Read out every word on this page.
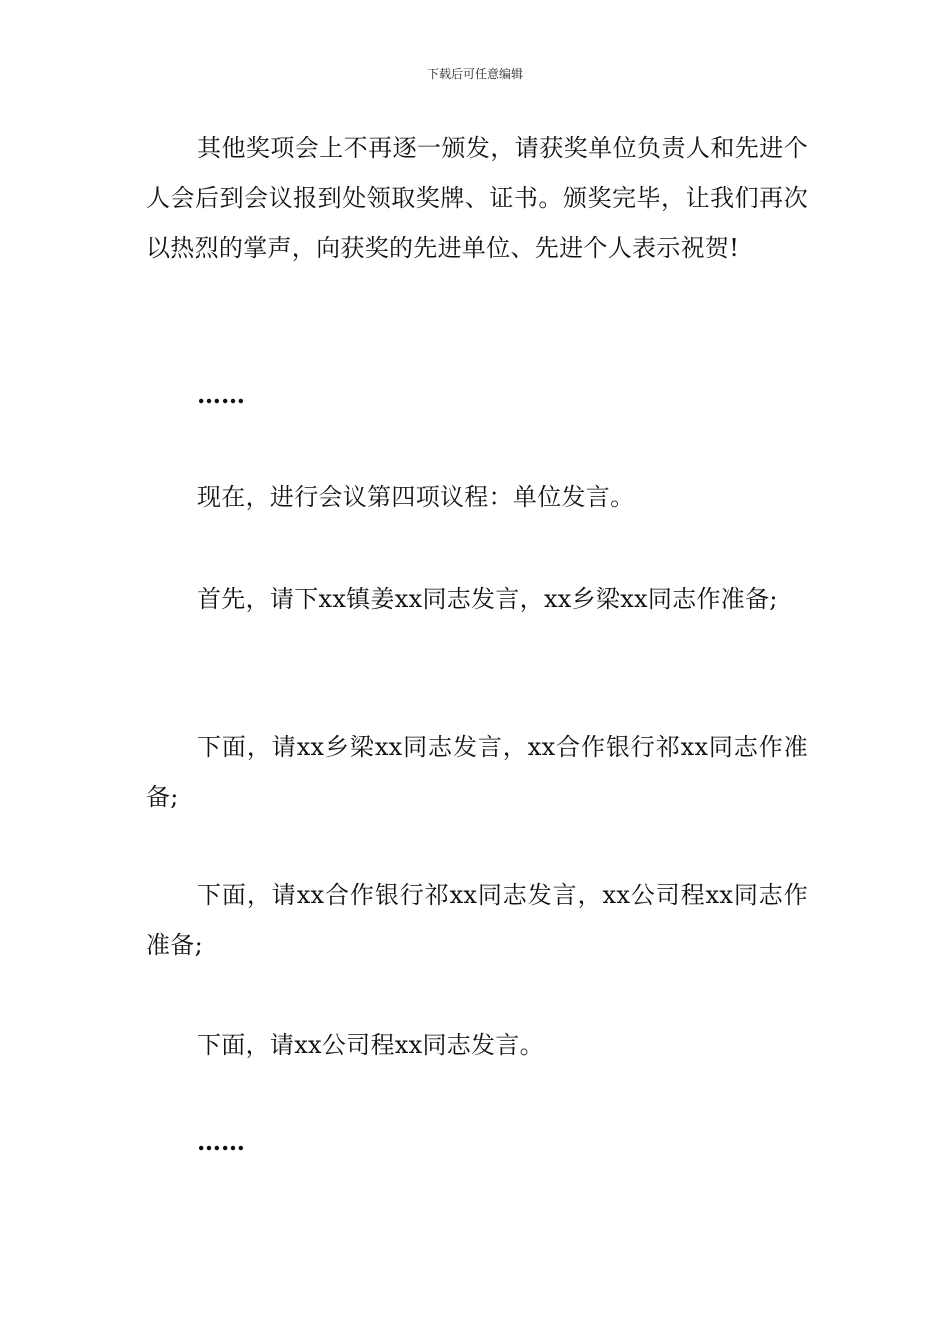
下载后可任意编辑

其他奖项会上不再逐一颁发，请获奖单位负责人和先进个人会后到会议报到处领取奖牌、证书。颁奖完毕，让我们再次以热烈的掌声，向获奖的先进单位、先进个人表示祝贺!

……

现在，进行会议第四项议程：单位发言。

首先，请下xx镇姜xx同志发言，xx乡梁xx同志作准备;

下面，请xx乡梁xx同志发言，xx合作银行祁xx同志作准备;

下面，请xx合作银行祁xx同志发言，xx公司程xx同志作准备;

下面，请xx公司程xx同志发言。

……
